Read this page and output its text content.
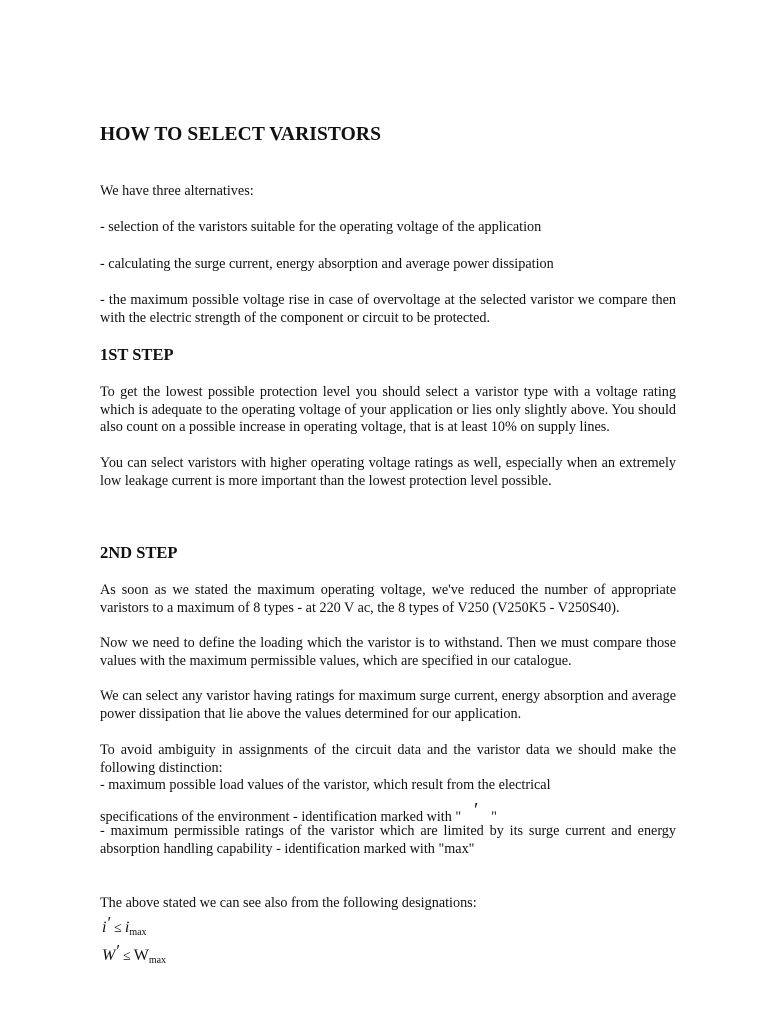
HOW TO SELECT VARISTORS

We have three alternatives:

- selection of the varistors suitable for the operating voltage of the application

- calculating the surge current, energy absorption and average power dissipation

- the maximum possible voltage rise in case of overvoltage at the selected varistor we compare then with the electric strength of the component or circuit to be protected.

1ST STEP

To get the lowest possible protection level you should select a varistor type with a voltage rating which is adequate to the operating voltage of your application or lies only slightly above. You should also count on a possible increase in operating voltage, that is at least 10% on supply lines.

You can select varistors with higher operating voltage ratings as well, especially when an extremely low leakage current is more important than the lowest protection level possible.

2ND STEP

As soon as we stated the maximum operating voltage, we've reduced the number of appropriate varistors to a maximum of 8 types - at 220 V ac, the 8 types of V250 (V250K5 - V250S40).

Now we need to define the loading which the varistor is to withstand. Then we must compare those values with the maximum permissible values, which are specified in our catalogue.

We can select any varistor having ratings for maximum surge current, energy absorption and average power dissipation that lie above the values determined for our application.

To avoid ambiguity in assignments of the circuit data and the varistor data we should make the following distinction:

- maximum possible load values of the varistor, which result from the electrical

specifications of the environment - identification marked with " ′ "

- maximum permissible ratings of the varistor which are limited by its surge current and energy absorption handling capability - identification marked with "max"

The above stated we can see also from the following designations:

i′ ≤ imax
W′ ≤ Wmax
